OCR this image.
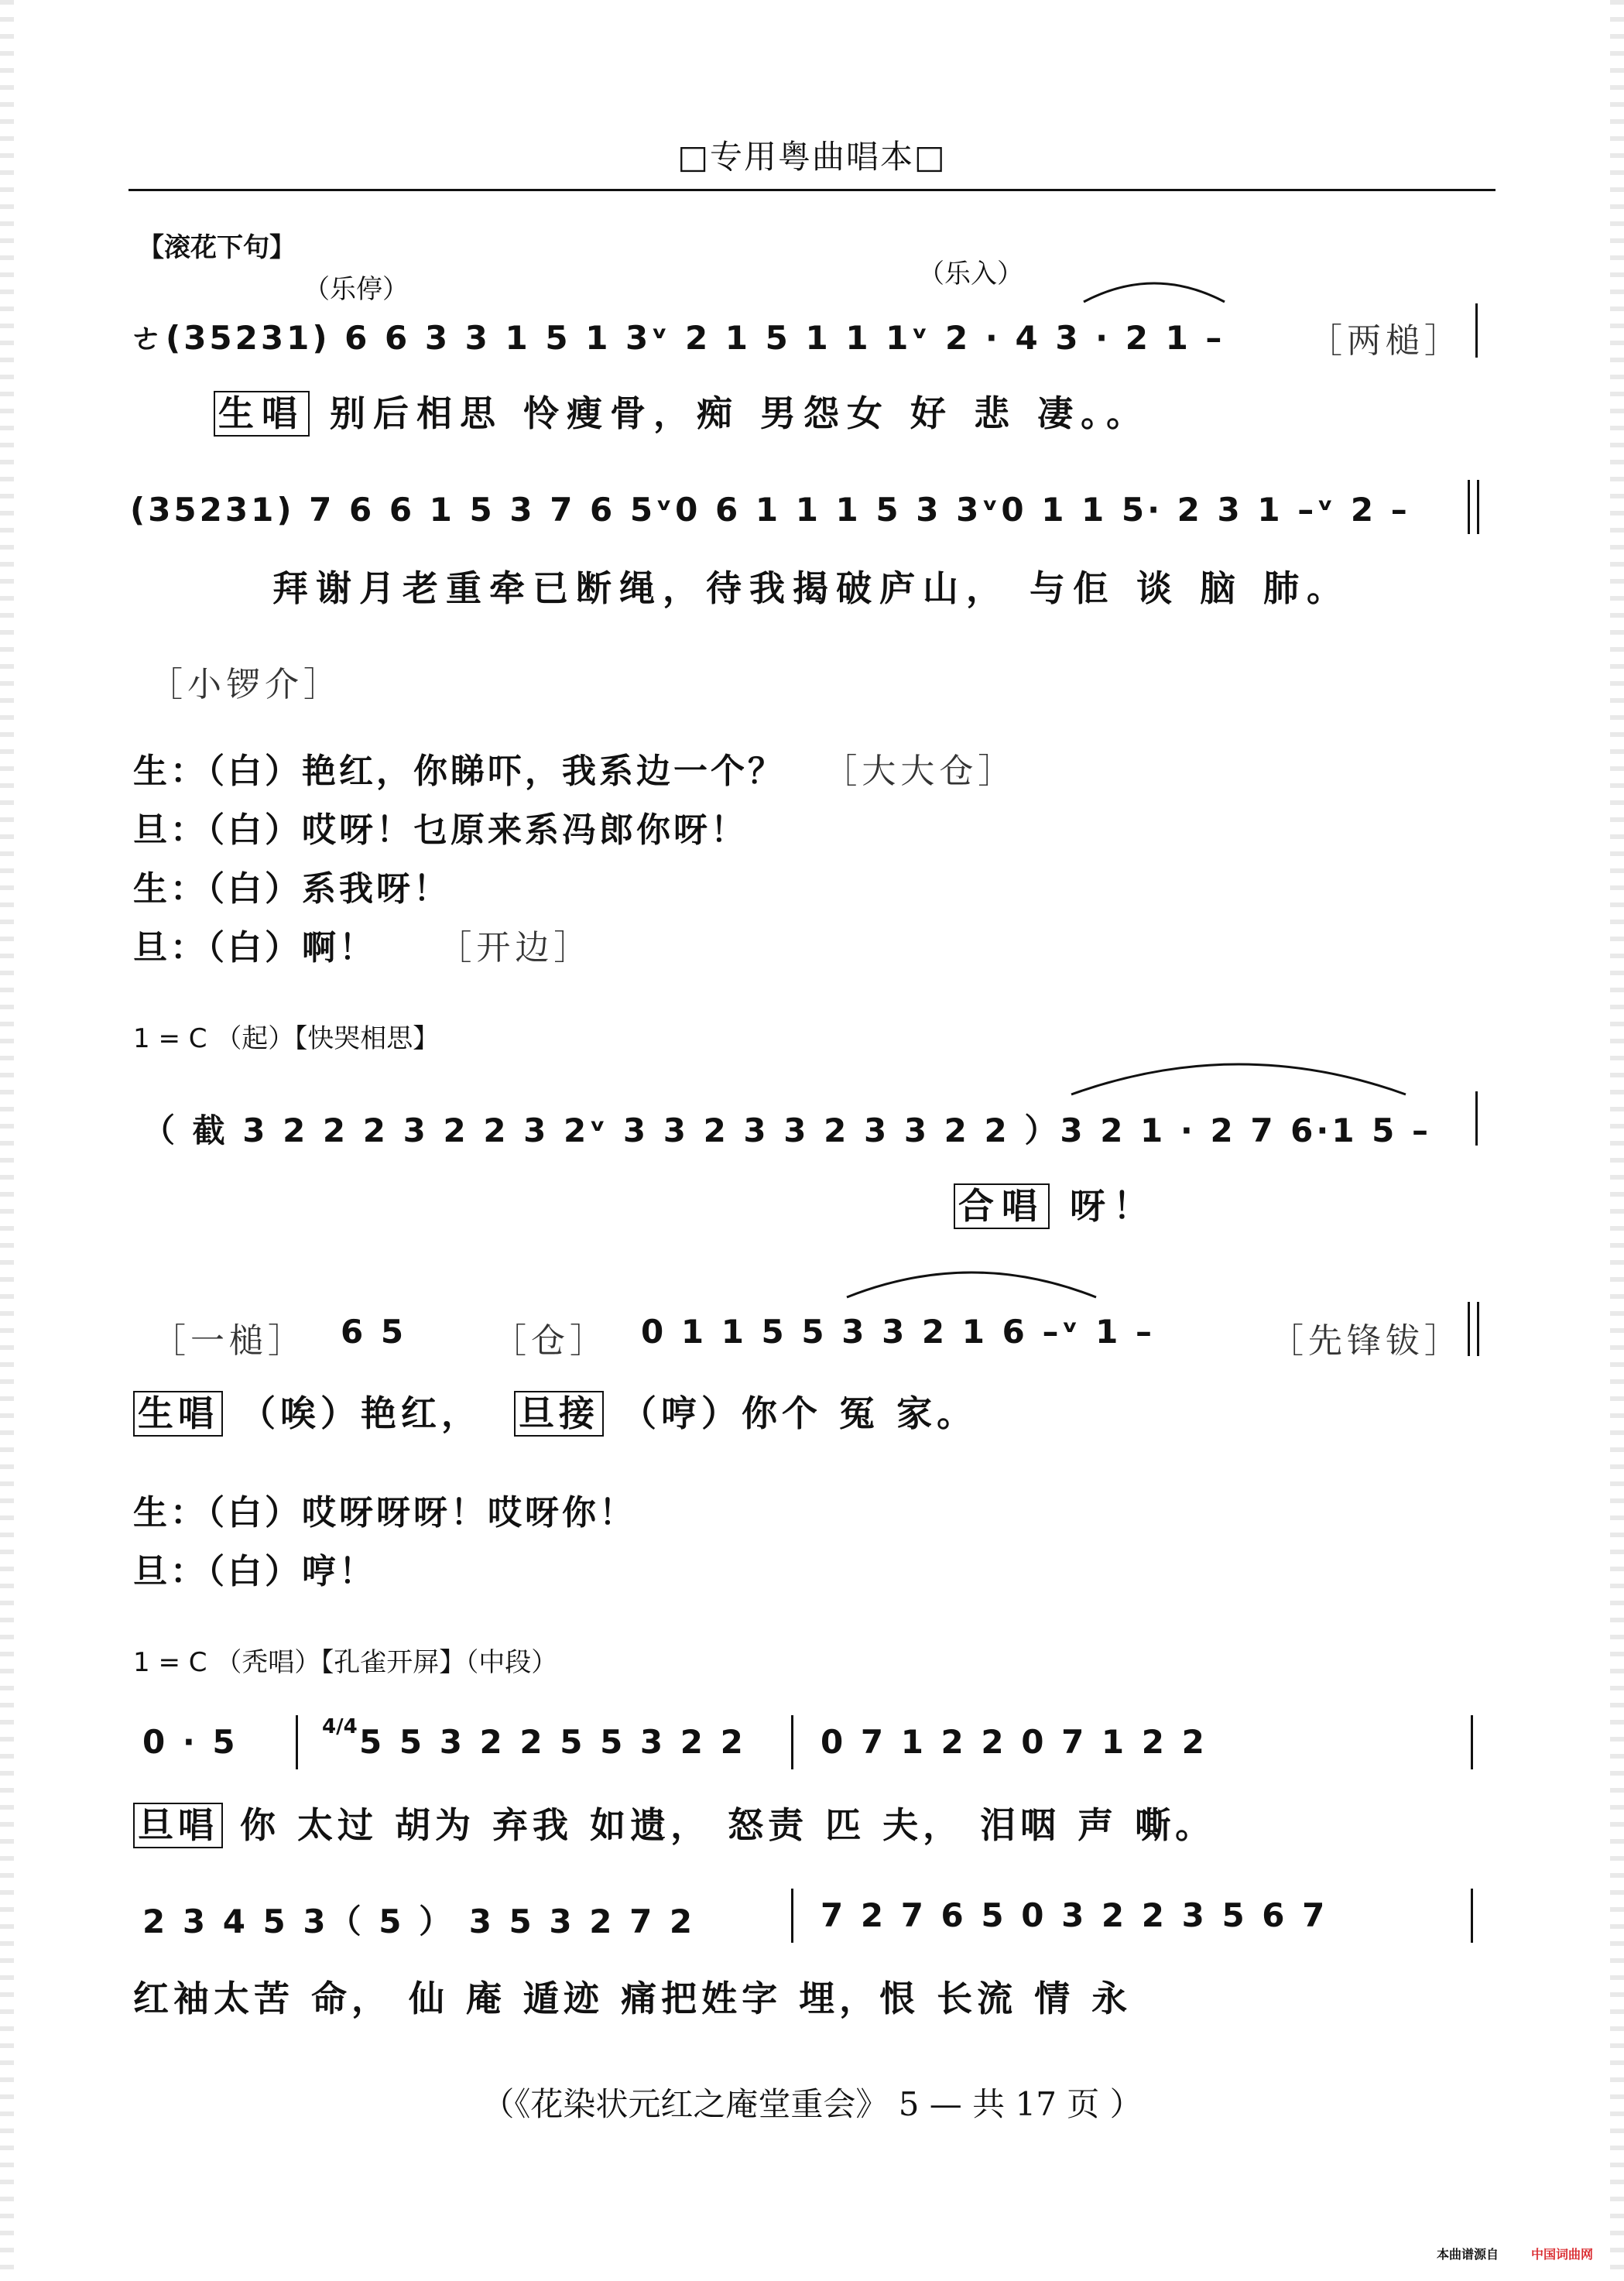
□专用粤曲唱本□
【滚花下句】
（乐停）	（乐入）
ㄜ(35231) 6 6 3 3 1 5 1 3ᵛ 2 1 5 1 1 1ᵛ 2 · 4 3 · 2 1 – ［两槌］
生唱 别后相思 怜瘦骨，痴 男怨女 好 悲 凄。。
(35231) 7 6 6 1 5 3 7 6 5ᵛ0 6 1 1 1 5 3 3ᵛ0 1 1 5· 2 3 1 –ᵛ 2 –
拜谢月老重牵已断绳，待我揭破庐山， 与佢 谈 脑 肺。
［小锣介］
生：（白）艳红，你睇吓，我系边一个？ ［大大仓］
旦：（白）哎呀！乜原来系冯郎你呀！
生：（白）系我呀！
旦：（白）啊！ ［开边］
1 = C （起）【快哭相思】
（ 截 3 2 2 2 3 2 2 3 2ᵛ 3 3 2 3 3 2 3 3 2 2 ）3 2 1 · 2 7 6·1 5 –
合唱 呀！
［一槌］ 6 5	［仓］ 0 1 1 5 5 3 3 2 1 6 –ᵛ 1 –	［先锋钹］
生唱 （唉）艳红， 旦接 （哼）你个 冤 家。
生：（白）哎呀呀呀！哎呀你！
旦：（白）哼！
1 = C （秃唱）【孔雀开屏】（中段）
0 · 5	4/4 5 5 3 2 2 5 5 3 2 2 0 7 1 2 2 0 7 1 2 2
旦唱 你 太过 胡为 弃我 如遗， 怒责 匹 夫， 泪咽 声 嘶。
2 3 4 5 3（ 5 ） 3 5 3 2 7 2	7 2 7 6 5 0 3 2 2 3 5 6 7
红袖太苦 命， 仙 庵 遁迹 痛把姓字 埋，恨 长流 情 永
（《花染状元红之庵堂重会》 5 — 共 17 页 ）
本曲谱源自	中国词曲网
